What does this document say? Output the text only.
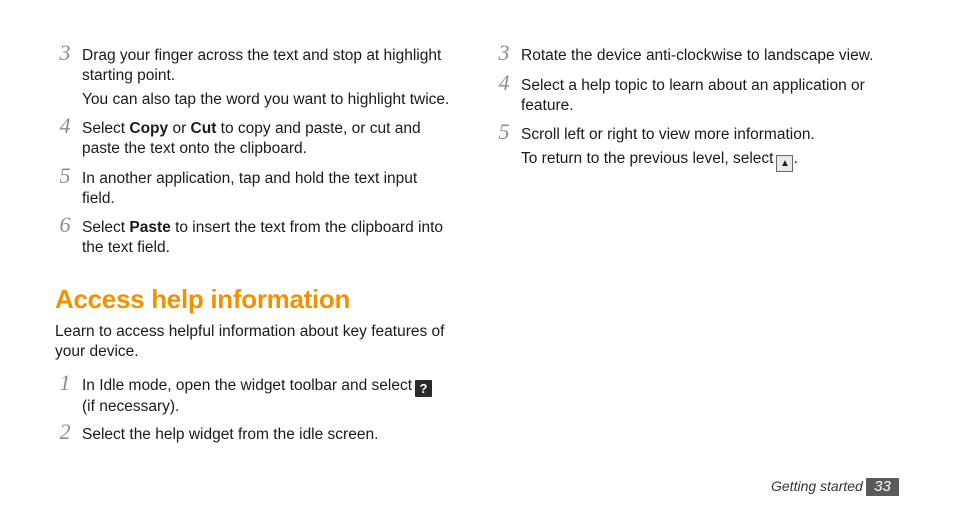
3 Drag your finger across the text and stop at highlight starting point.
You can also tap the word you want to highlight twice.
4 Select Copy or Cut to copy and paste, or cut and paste the text onto the clipboard.
5 In another application, tap and hold the text input field.
6 Select Paste to insert the text from the clipboard into the text field.
Access help information
Learn to access helpful information about key features of your device.
1 In Idle mode, open the widget toolbar and select ?
(if necessary).
2 Select the help widget from the idle screen.
3 Rotate the device anti-clockwise to landscape view.
4 Select a help topic to learn about an application or feature.
5 Scroll left or right to view more information.
To return to the previous level, select ▲ .
Getting started 33
